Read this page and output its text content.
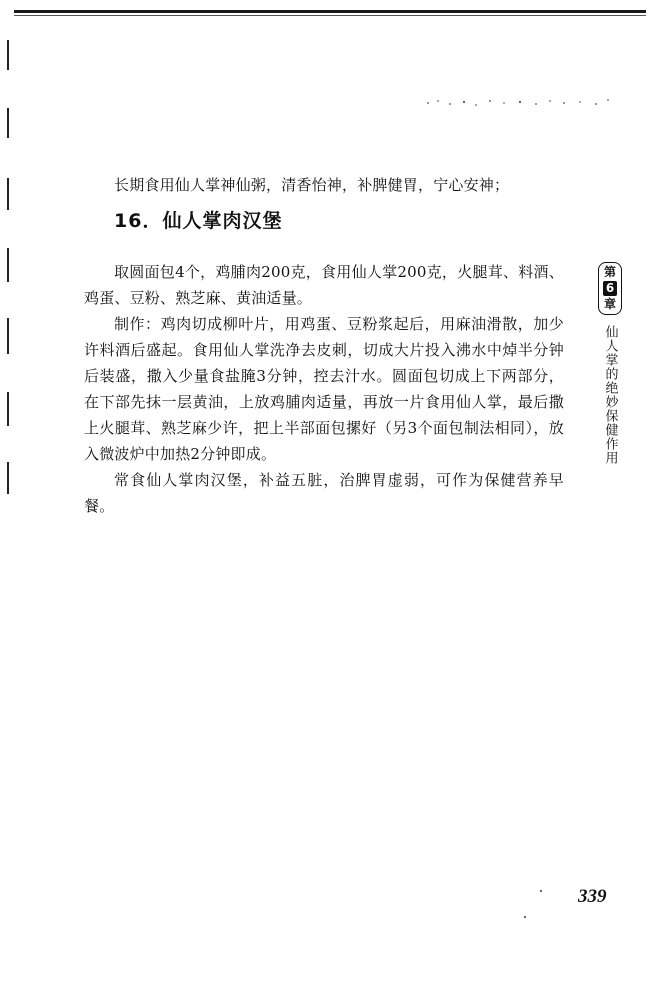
长期食用仙人掌神仙粥，清香怡神，补脾健胃，宁心安神；

16．仙人掌肉汉堡

取圆面包4个，鸡脯肉200克，食用仙人掌200克，火腿茸、料酒、鸡蛋、豆粉、熟芝麻、黄油适量。

制作：鸡肉切成柳叶片，用鸡蛋、豆粉浆起后，用麻油滑散，加少许料酒后盛起。食用仙人掌洗净去皮刺，切成大片投入沸水中焯半分钟后装盛，撒入少量食盐腌3分钟，控去汁水。圆面包切成上下两部分，在下部先抹一层黄油，上放鸡脯肉适量，再放一片食用仙人掌，最后撒上火腿茸、熟芝麻少许，把上半部面包摞好（另3个面包制法相同），放入微波炉中加热2分钟即成。

常食仙人掌肉汉堡，补益五脏，治脾胃虚弱，可作为保健营养早餐。

第
6
章
仙人掌的绝妙保健作用
339
